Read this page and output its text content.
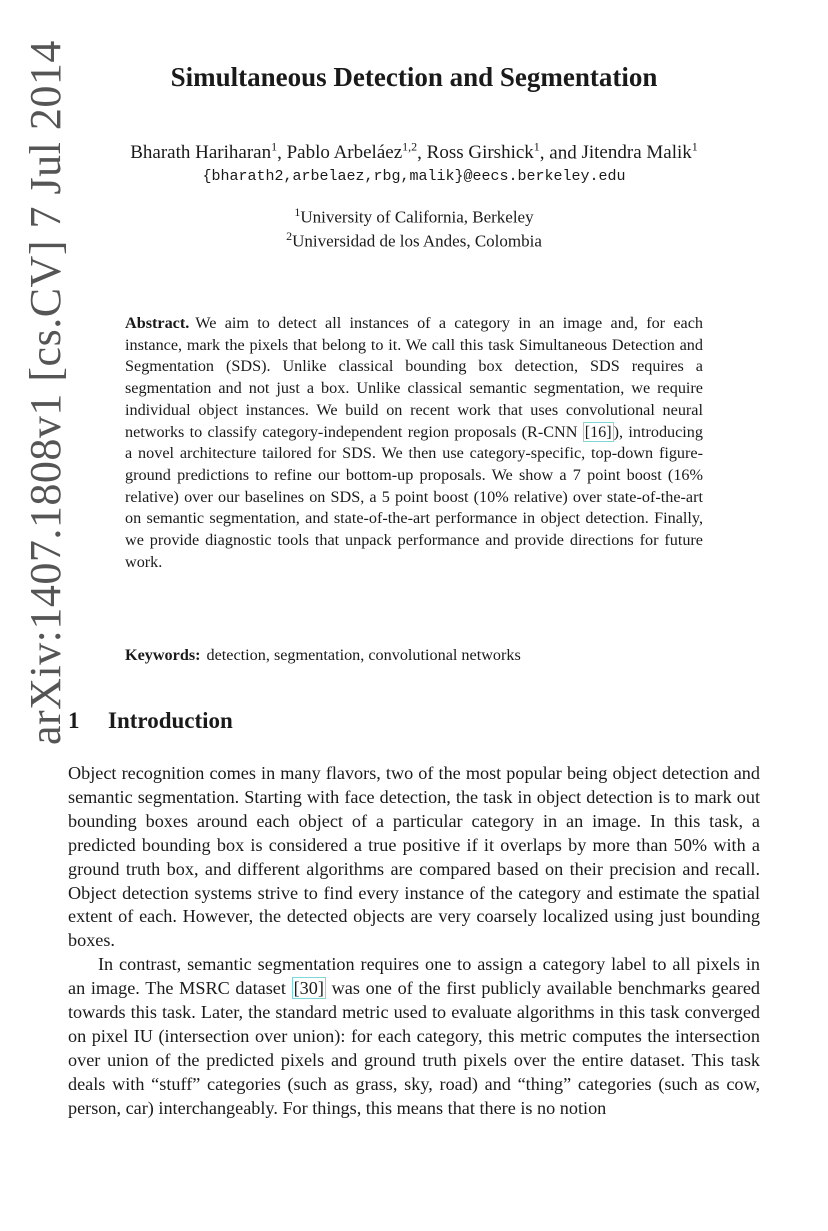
arXiv:1407.1808v1 [cs.CV] 7 Jul 2014	Simultaneous Detection and Segmentation
Bharath Hariharan$^1$, Pablo Arbeláez$^{1,2}$, Ross Girshick$^1$, and Jitendra Malik$^1$
{bharath2,arbelaez,rbg,malik}@eecs.berkeley.edu
$^1$University of California, Berkeley
$^2$Universidad de los Andes, Colombia
Abstract. We aim to detect all instances of a category in an image and, for each instance, mark the pixels that belong to it. We call this task Simultaneous Detection and Segmentation (SDS). Unlike classical bounding box detection, SDS requires a segmentation and not just a box. Unlike classical semantic segmentation, we require individual object instances. We build on recent work that uses convolutional neural networks to classify category-independent region proposals (R-CNN [16] ), introducing a novel architecture tailored for SDS. We then use category-specific, top-down figure-ground predictions to refine our bottom-up proposals. We show a 7 point boost (16% relative) over our baselines on SDS, a 5 point boost (10% relative) over state-of-the-art on semantic segmentation, and state-of-the-art performance in object detection. Finally, we provide diagnostic tools that unpack performance and provide directions for future work.
Keywords: detection, segmentation, convolutional networks
1 Introduction

Object recognition comes in many flavors, two of the most popular being object detection and semantic segmentation. Starting with face detection, the task in object detection is to mark out bounding boxes around each object of a particular category in an image. In this task, a predicted bounding box is considered a true positive if it overlaps by more than 50% with a ground truth box, and different algorithms are compared based on their precision and recall. Object detection systems strive to find every instance of the category and estimate the spatial extent of each. However, the detected objects are very coarsely localized using just bounding boxes.

In contrast, semantic segmentation requires one to assign a category label to all pixels in an image. The MSRC dataset [30] was one of the first publicly available benchmarks geared towards this task. Later, the standard metric used to evaluate algorithms in this task converged on pixel IU (intersection over union): for each category, this metric computes the intersection over union of the predicted pixels and ground truth pixels over the entire dataset. This task deals with “stuff” categories (such as grass, sky, road) and “thing” categories (such as cow, person, car) interchangeably. For things, this means that there is no notion
